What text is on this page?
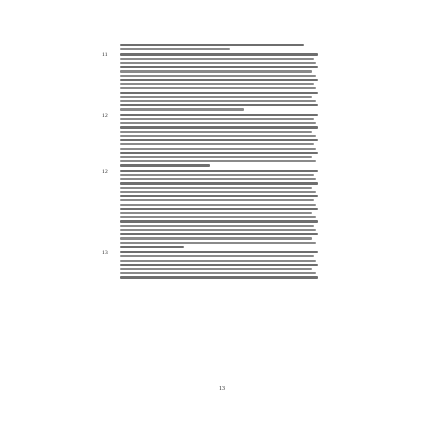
11
12
12
13
13
